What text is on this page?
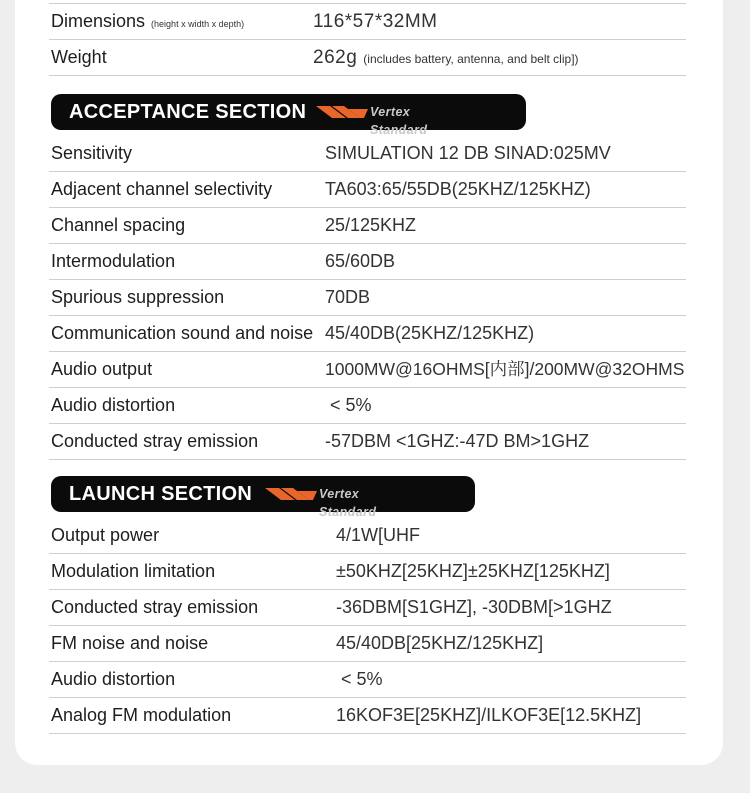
Dimensions (height x width x depth)	116*57*32MM
Weight	262g (includes battery, antenna, and belt clip])
ACCEPTANCE SECTION	Vertex Standard
Sensitivity	SIMULATION 12 DB SINAD:025MV
Adjacent channel selectivity	TA603:65/55DB(25KHZ/125KHZ)
Channel spacing	25/125KHZ
Intermodulation	65/60DB
Spurious suppression	70DB
Communication sound and noise 45/40DB(25KHZ/125KHZ)
Audio output	1000MW@16OHMS[内部]/200MW@32OHMS
Audio distortion	< 5%
Conducted stray emission	-57DBM <1GHZ:-47D BM>1GHZ
LAUNCH SECTION	Vertex Standard
Output power	4/1W[UHF
Modulation limitation	±50KHZ[25KHZ]±25KHZ[125KHZ]
Conducted stray emission	-36DBM[S1GHZ], -30DBM[>1GHZ
FM noise and noise	45/40DB[25KHZ/125KHZ]
Audio distortion	< 5%
Analog FM modulation	16KOF3E[25KHZ]/ILKOF3E[12.5KHZ]
